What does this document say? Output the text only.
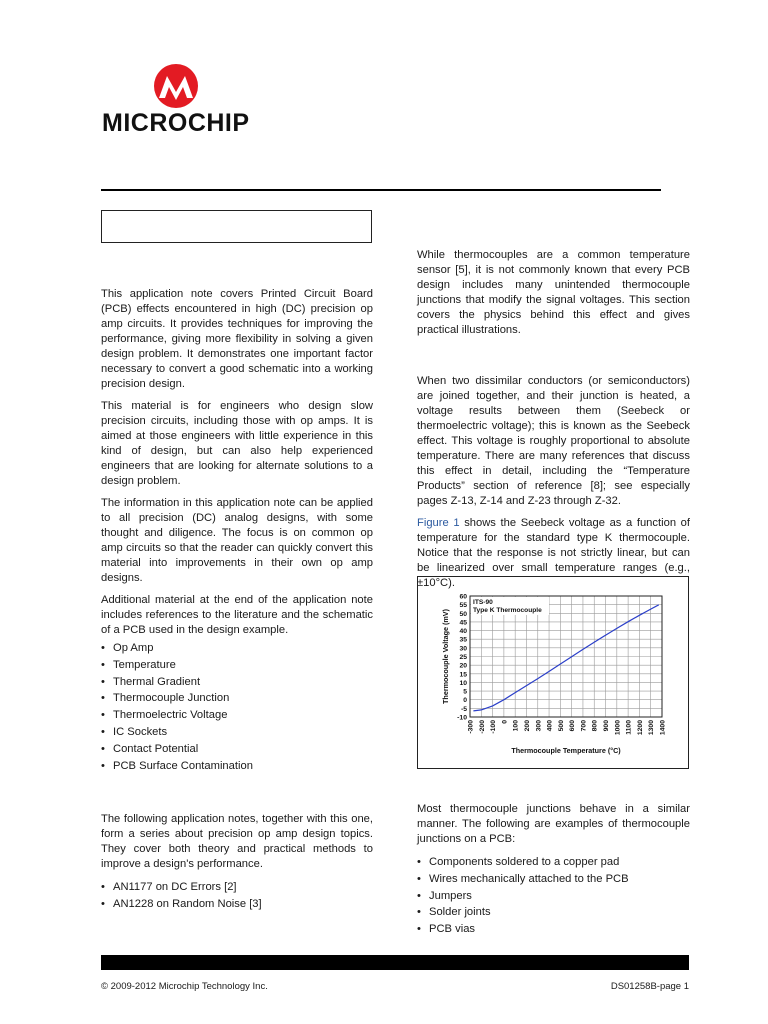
MICROCHIP

This application note covers Printed Circuit Board (PCB) effects encountered in high (DC) precision op amp circuits. It provides techniques for improving the performance, giving more flexibility in solving a given design problem. It demonstrates one important factor necessary to convert a good schematic into a working precision design.

This material is for engineers who design slow precision circuits, including those with op amps. It is aimed at those engineers with little experience in this kind of design, but can also help experienced engineers that are looking for alternate solutions to a design problem.

The information in this application note can be applied to all precision (DC) analog designs, with some thought and diligence. The focus is on common op amp circuits so that the reader can quickly convert this material into improvements in their own op amp designs.

Additional material at the end of the application note includes references to the literature and the schematic of a PCB used in the design example.

• Op Amp
• Temperature
• Thermal Gradient
• Thermocouple Junction
• Thermoelectric Voltage
• IC Sockets
• Contact Potential
• PCB Surface Contamination

The following application notes, together with this one, form a series about precision op amp design topics. They cover both theory and practical methods to improve a design's performance.

• AN1177 on DC Errors [2]
• AN1228 on Random Noise [3]

While thermocouples are a common temperature sensor [5], it is not commonly known that every PCB design includes many unintended thermocouple junctions that modify the signal voltages. This section covers the physics behind this effect and gives practical illustrations.

When two dissimilar conductors (or semiconductors) are joined together, and their junction is heated, a voltage results between them (Seebeck or thermoelectric voltage); this is known as the Seebeck effect. This voltage is roughly proportional to absolute temperature. There are many references that discuss this effect in detail, including the “Temperature Products” section of reference [8]; see especially pages Z-13, Z-14 and Z-23 through Z-32.

Figure 1 shows the Seebeck voltage as a function of temperature for the standard type K thermocouple. Notice that the response is not strictly linear, but can be linearized over small temperature ranges (e.g., ±10°C).

60
55
50
45
40
35
30
25
20
15
10
5
0
-5
-10
-300 -200 -100 0 100 200 300 400 500 600 700 800 900 1000 1100 1200 1300 1400
Thermocouple Temperature (°C)
Thermocouple Voltage (mV)
ITS-90
Type K Thermocouple

Most thermocouple junctions behave in a similar manner. The following are examples of thermocouple junctions on a PCB:

• Components soldered to a copper pad
• Wires mechanically attached to the PCB
• Jumpers
• Solder joints
• PCB vias
© 2009-2012 Microchip Technology Inc.	DS01258B-page 1
